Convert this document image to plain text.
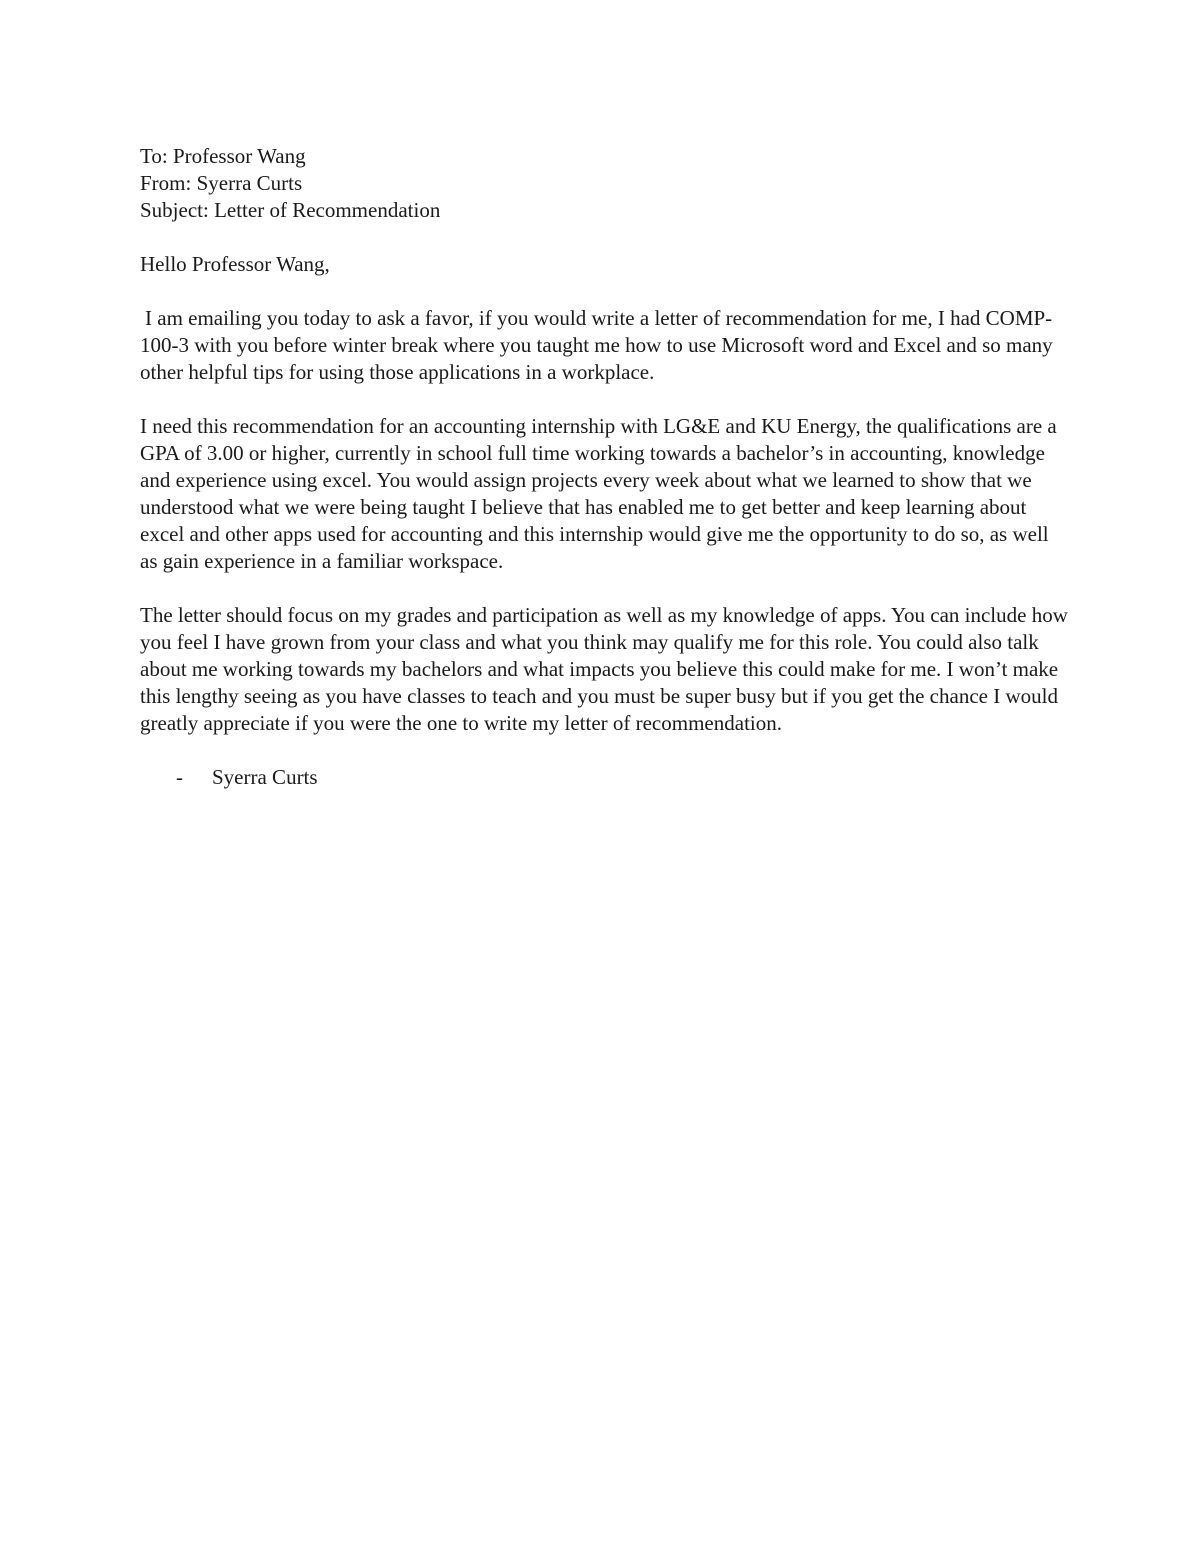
To: Professor Wang
From: Syerra Curts
Subject: Letter of Recommendation

Hello Professor Wang,

I am emailing you today to ask a favor, if you would write a letter of recommendation for me, I had COMP-100-3 with you before winter break where you taught me how to use Microsoft word and Excel and so many other helpful tips for using those applications in a workplace.

I need this recommendation for an accounting internship with LG&E and KU Energy, the qualifications are a GPA of 3.00 or higher, currently in school full time working towards a bachelor’s in accounting, knowledge and experience using excel. You would assign projects every week about what we learned to show that we understood what we were being taught I believe that has enabled me to get better and keep learning about excel and other apps used for accounting and this internship would give me the opportunity to do so, as well as gain experience in a familiar workspace.

The letter should focus on my grades and participation as well as my knowledge of apps. You can include how you feel I have grown from your class and what you think may qualify me for this role. You could also talk about me working towards my bachelors and what impacts you believe this could make for me. I won’t make this lengthy seeing as you have classes to teach and you must be super busy but if you get the chance I would greatly appreciate if you were the one to write my letter of recommendation.

-	Syerra Curts
